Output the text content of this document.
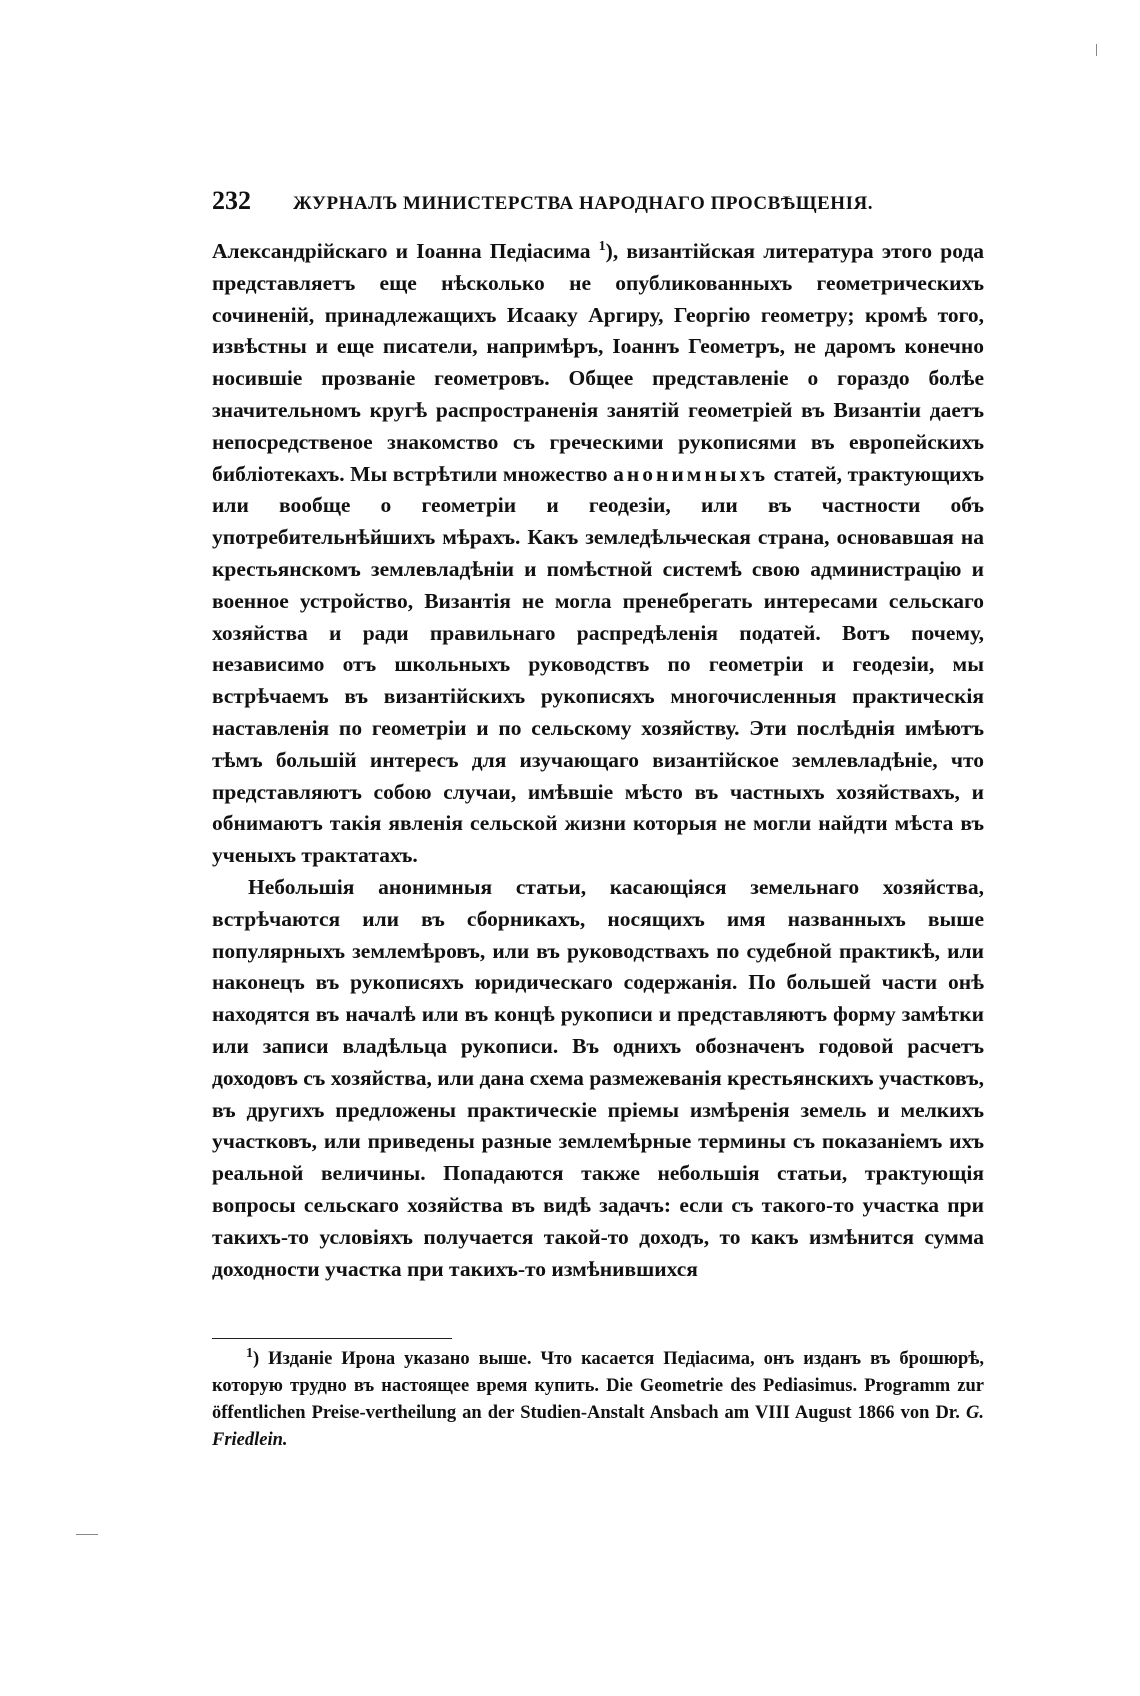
232 ЖУРНАЛЪ МИНИСТЕРСТВА НАРОДНАГО ПРОСВѢЩЕНІЯ.

Александрійскаго и Іоанна Педіасима $^1$), византійская литература этого рода представляетъ еще нѣсколько не опубликованныхъ геометрическихъ сочиненій, принадлежащихъ Исааку Аргиру, Георгію геометру; кромѣ того, извѣстны и еще писатели, напримѣръ, Іоаннъ Геометръ, не даромъ конечно носившіе прозваніе геометровъ. Общее представленіе о гораздо болѣе значительномъ кругѣ распространенія занятій геометріей въ Византіи даетъ непосредственое знакомство съ греческими рукописями въ европейскихъ библіотекахъ. Мы встрѣтили множество анонимныхъ статей, трактующихъ или вообще о геометріи и геодезіи, или въ частности объ употребительнѣйшихъ мѣрахъ. Какъ земледѣльческая страна, основавшая на крестьянскомъ землевладѣніи и помѣстной системѣ свою администрацію и военное устройство, Византія не могла пренебрегать интересами сельскаго хозяйства и ради правильнаго распредѣленія податей. Вотъ почему, независимо отъ школьныхъ руководствъ по геометріи и геодезіи, мы встрѣчаемъ въ византійскихъ рукописяхъ многочисленныя практическія наставленія по геометріи и по сельскому хозяйству. Эти послѣднія имѣютъ тѣмъ большій интересъ для изучающаго византійское землевладѣніе, что представляютъ собою случаи, имѣвшіе мѣсто въ частныхъ хозяйствахъ, и обнимаютъ такія явленія сельской жизни которыя не могли найдти мѣста въ ученыхъ трактатахъ.

Небольшія анонимныя статьи, касающіяся земельнаго хозяйства, встрѣчаются или въ сборникахъ, носящихъ имя названныхъ выше популярныхъ землемѣровъ, или въ руководствахъ по судебной практикѣ, или наконецъ въ рукописяхъ юридическаго содержанія. По большей части онѣ находятся въ началѣ или въ концѣ рукописи и представляютъ форму замѣтки или записи владѣльца рукописи. Въ однихъ обозначенъ годовой расчетъ доходовъ съ хозяйства, или дана схема размежеванія крестьянскихъ участковъ, въ другихъ предложены практическіе пріемы измѣренія земель и мелкихъ участковъ, или приведены разные землемѣрные термины съ показаніемъ ихъ реальной величины. Попадаются также небольшія статьи, трактующія вопросы сельскаго хозяйства въ видѣ задачъ: если съ такого-то участка при такихъ-то условіяхъ получается такой-то доходъ, то какъ измѣнится сумма доходности участка при такихъ-то измѣнившихся

$^1$) Изданіе Ирона указано выше. Что касается Педіасима, онъ изданъ въ брошюрѣ, которую трудно въ настоящее время купить. Die Geometrie des Pediasimus. Programm zur öffentlichen Preise-vertheilung an der Studien-Anstalt Ansbach am VIII August 1866 von Dr. G. Friedlein.
